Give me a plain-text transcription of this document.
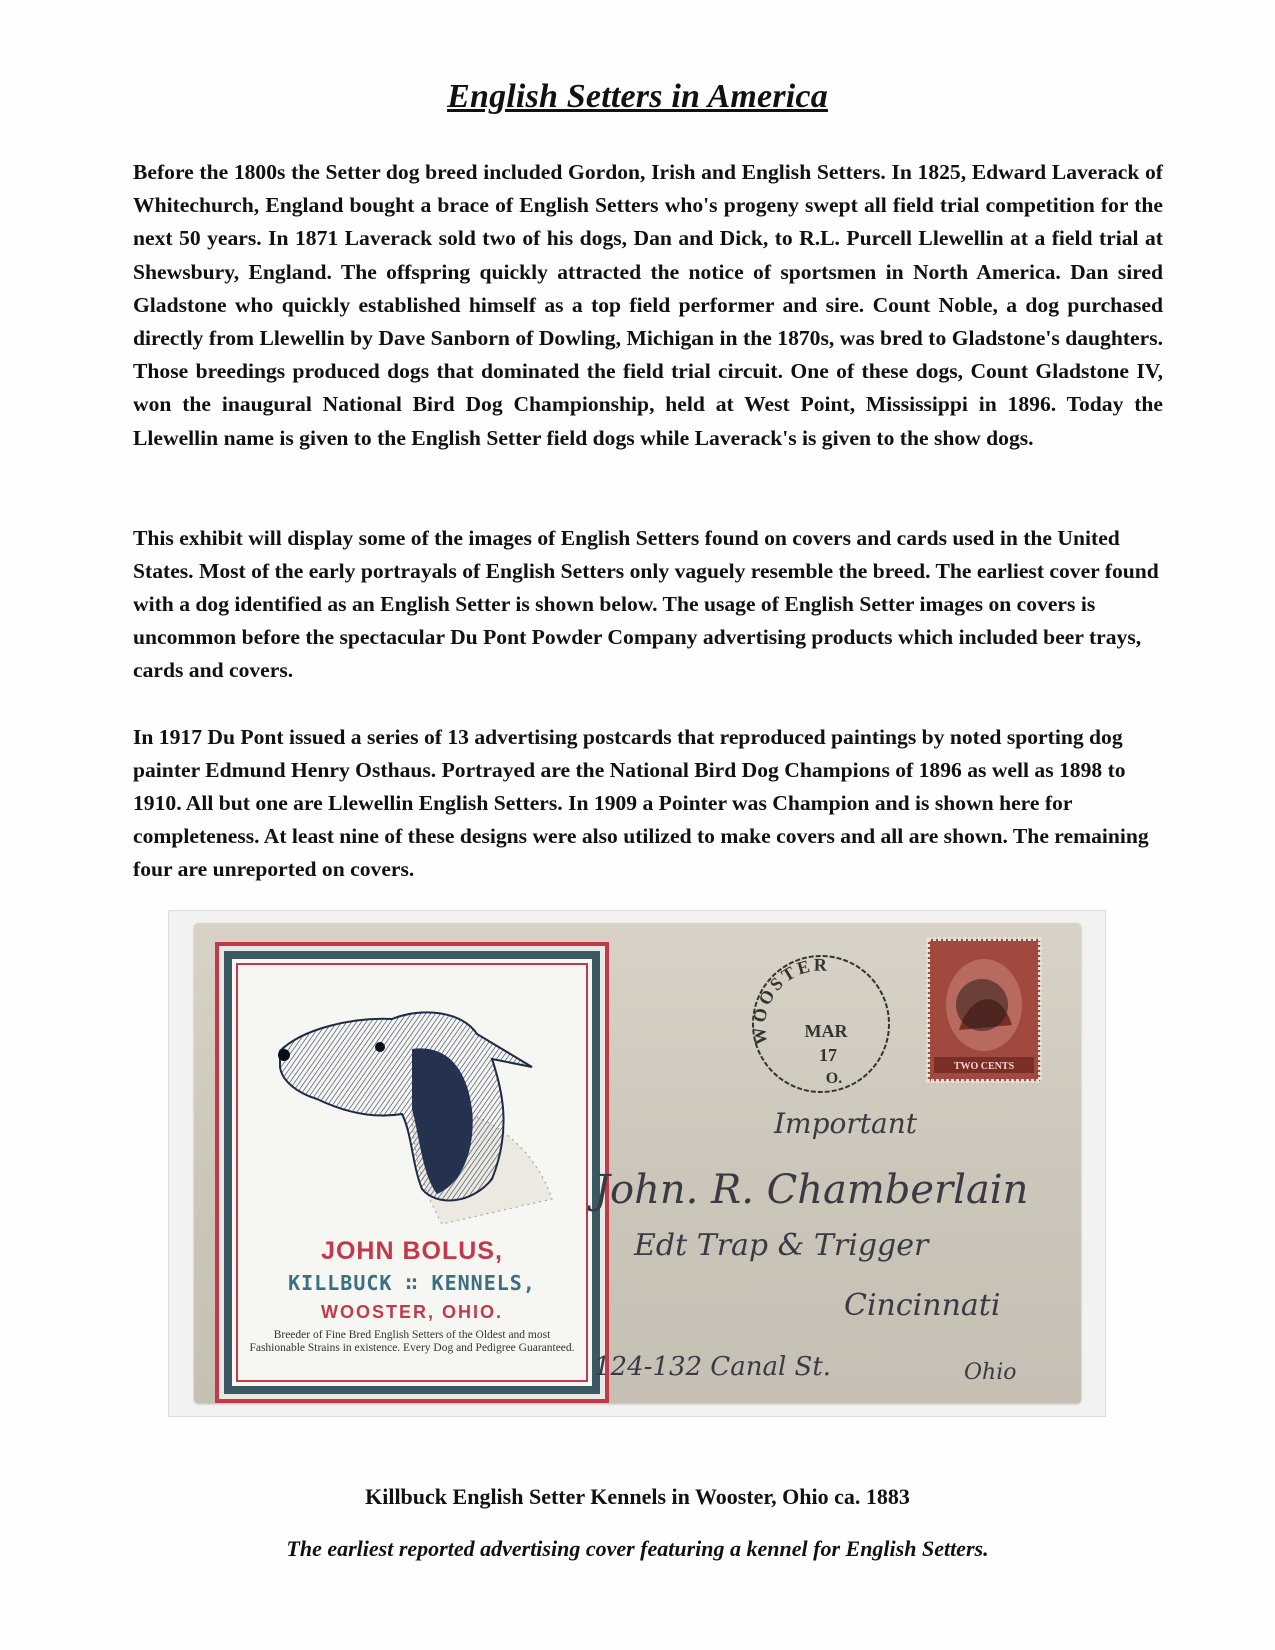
English Setters in America

Before the 1800s the Setter dog breed included Gordon, Irish and English Setters. In 1825, Edward Laverack of Whitechurch, England bought a brace of English Setters who's progeny swept all field trial competition for the next 50 years. In 1871 Laverack sold two of his dogs, Dan and Dick, to R.L. Purcell Llewellin at a field trial at Shewsbury, England. The offspring quickly attracted the notice of sportsmen in North America. Dan sired Gladstone who quickly established himself as a top field performer and sire. Count Noble, a dog purchased directly from Llewellin by Dave Sanborn of Dowling, Michigan in the 1870s, was bred to Gladstone's daughters. Those breedings produced dogs that dominated the field trial circuit. One of these dogs, Count Gladstone IV, won the inaugural National Bird Dog Championship, held at West Point, Mississippi in 1896. Today the Llewellin name is given to the English Setter field dogs while Laverack's is given to the show dogs.

This exhibit will display some of the images of English Setters found on covers and cards used in the United States. Most of the early portrayals of English Setters only vaguely resemble the breed. The earliest cover found with a dog identified as an English Setter is shown below. The usage of English Setter images on covers is uncommon before the spectacular Du Pont Powder Company advertising products which included beer trays, cards and covers.

In 1917 Du Pont issued a series of 13 advertising postcards that reproduced paintings by noted sporting dog painter Edmund Henry Osthaus. Portrayed are the National Bird Dog Champions of 1896 as well as 1898 to 1910. All but one are Llewellin English Setters. In 1909 a Pointer was Champion and is shown here for completeness. At least nine of these designs were also utilized to make covers and all are shown. The remaining four are unreported on covers.

JOHN BOLUS,
KILLBUCK ∷ KENNELS,
WOOSTER, OHIO.
Breeder of Fine Bred English Setters of the Oldest and most Fashionable Strains in existence. Every Dog and Pedigree Guaranteed.
WOOSTER
MAR
17
O.
TWO CENTS
Important
John. R. Chamberlain
Edt Trap & Trigger
Cincinnati
124-132 Canal St.	Ohio

Killbuck English Setter Kennels in Wooster, Ohio ca. 1883

The earliest reported advertising cover featuring a kennel for English Setters.
